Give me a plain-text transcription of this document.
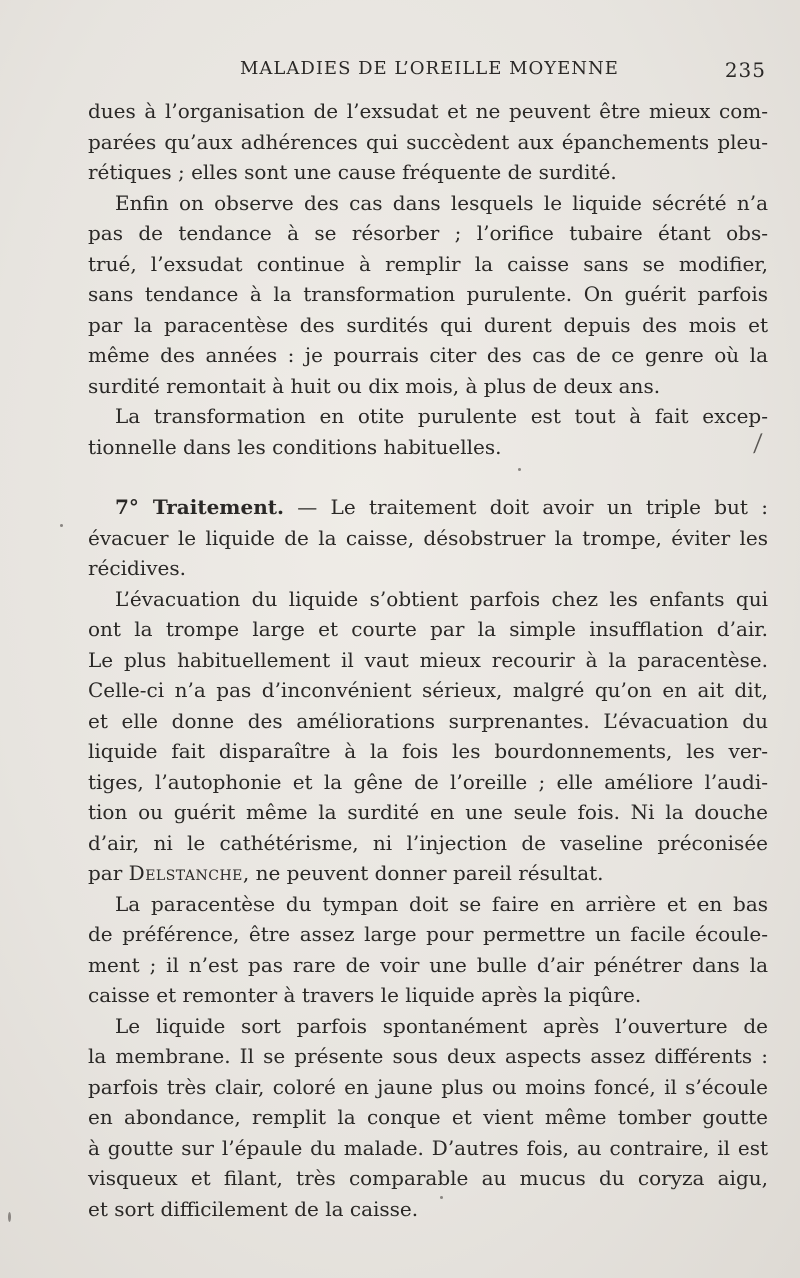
MALADIES DE L’OREILLE MOYENNE	235
dues à l’organisation de l’exsudat et ne peuvent être mieux com-
parées qu’aux adhérences qui succèdent aux épanchements pleu-
rétiques ; elles sont une cause fréquente de surdité.
Enfin on observe des cas dans lesquels le liquide sécrété n’a
pas de tendance à se résorber ; l’orifice tubaire étant obs-
trué, l’exsudat continue à remplir la caisse sans se modifier,
sans tendance à la transformation purulente. On guérit parfois
par la paracentèse des surdités qui durent depuis des mois et
même des années : je pourrais citer des cas de ce genre où la
surdité remontait à huit ou dix mois, à plus de deux ans.
La transformation en otite purulente est tout à fait excep-
tionnelle dans les conditions habituelles.
7° Traitement. — Le traitement doit avoir un triple but :
évacuer le liquide de la caisse, désobstruer la trompe, éviter les
récidives.
L’évacuation du liquide s’obtient parfois chez les enfants qui
ont la trompe large et courte par la simple insufflation d’air.
Le plus habituellement il vaut mieux recourir à la paracentèse.
Celle-ci n’a pas d’inconvénient sérieux, malgré qu’on en ait dit,
et elle donne des améliorations surprenantes. L’évacuation du
liquide fait disparaître à la fois les bourdonnements, les ver-
tiges, l’autophonie et la gêne de l’oreille ; elle améliore l’audi-
tion ou guérit même la surdité en une seule fois. Ni la douche
d’air, ni le cathétérisme, ni l’injection de vaseline préconisée
par Delstanche, ne peuvent donner pareil résultat.
La paracentèse du tympan doit se faire en arrière et en bas
de préférence, être assez large pour permettre un facile écoule-
ment ; il n’est pas rare de voir une bulle d’air pénétrer dans la
caisse et remonter à travers le liquide après la piqûre.
Le liquide sort parfois spontanément après l’ouverture de
la membrane. Il se présente sous deux aspects assez différents :
parfois très clair, coloré en jaune plus ou moins foncé, il s’écoule
en abondance, remplit la conque et vient même tomber goutte
à goutte sur l’épaule du malade. D’autres fois, au contraire, il est
visqueux et filant, très comparable au mucus du coryza aigu,
et sort difficilement de la caisse.
⁄
